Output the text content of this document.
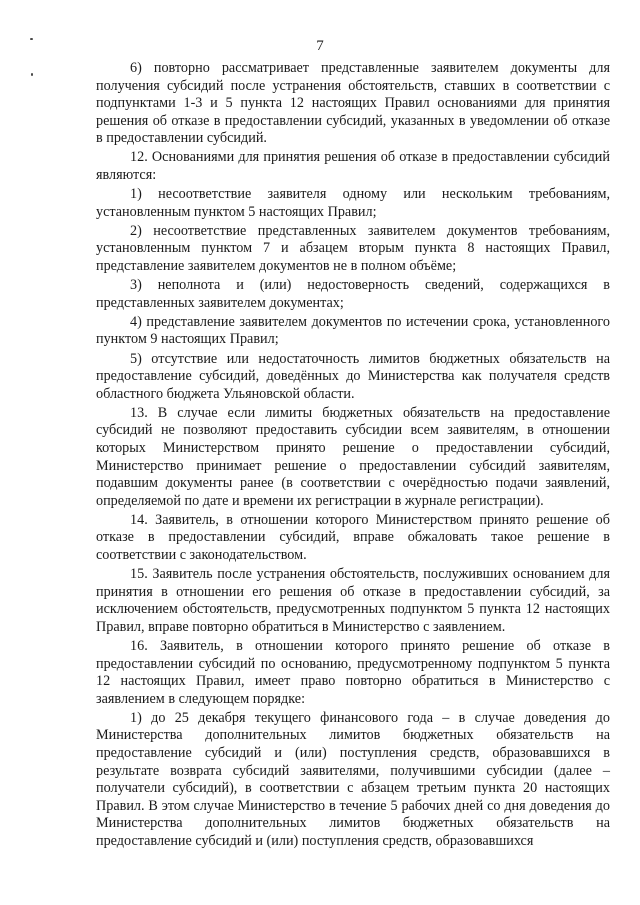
7

6) повторно рассматривает представленные заявителем документы для получения субсидий после устранения обстоятельств, ставших в соответствии с подпунктами 1-3 и 5 пункта 12 настоящих Правил основаниями для принятия решения об отказе в предоставлении субсидий, указанных в уведомлении об отказе в предоставлении субсидий.

12. Основаниями для принятия решения об отказе в предоставлении субсидий являются:

1) несоответствие заявителя одному или нескольким требованиям, установленным пунктом 5 настоящих Правил;

2) несоответствие представленных заявителем документов требованиям, установленным пунктом 7 и абзацем вторым пункта 8 настоящих Правил, представление заявителем документов не в полном объёме;

3) неполнота и (или) недостоверность сведений, содержащихся в представленных заявителем документах;

4) представление заявителем документов по истечении срока, установленного пунктом 9 настоящих Правил;

5) отсутствие или недостаточность лимитов бюджетных обязательств на предоставление субсидий, доведённых до Министерства как получателя средств областного бюджета Ульяновской области.

13. В случае если лимиты бюджетных обязательств на предоставление субсидий не позволяют предоставить субсидии всем заявителям, в отношении которых Министерством принято решение о предоставлении субсидий, Министерство принимает решение о предоставлении субсидий заявителям, подавшим документы ранее (в соответствии с очерёдностью подачи заявлений, определяемой по дате и времени их регистрации в журнале регистрации).

14. Заявитель, в отношении которого Министерством принято решение об отказе в предоставлении субсидий, вправе обжаловать такое решение в соответствии с законодательством.

15. Заявитель после устранения обстоятельств, послуживших основанием для принятия в отношении его решения об отказе в предоставлении субсидий, за исключением обстоятельств, предусмотренных подпунктом 5 пункта 12 настоящих Правил, вправе повторно обратиться в Министерство с заявлением.

16. Заявитель, в отношении которого принято решение об отказе в предоставлении субсидий по основанию, предусмотренному подпунктом 5 пункта 12 настоящих Правил, имеет право повторно обратиться в Министерство с заявлением в следующем порядке:

1) до 25 декабря текущего финансового года – в случае доведения до Министерства дополнительных лимитов бюджетных обязательств на предоставление субсидий и (или) поступления средств, образовавшихся в результате возврата субсидий заявителями, получившими субсидии (далее – получатели субсидий), в соответствии с абзацем третьим пункта 20 настоящих Правил. В этом случае Министерство в течение 5 рабочих дней со дня доведения до Министерства дополнительных лимитов бюджетных обязательств на предоставление субсидий и (или) поступления средств, образовавшихся
